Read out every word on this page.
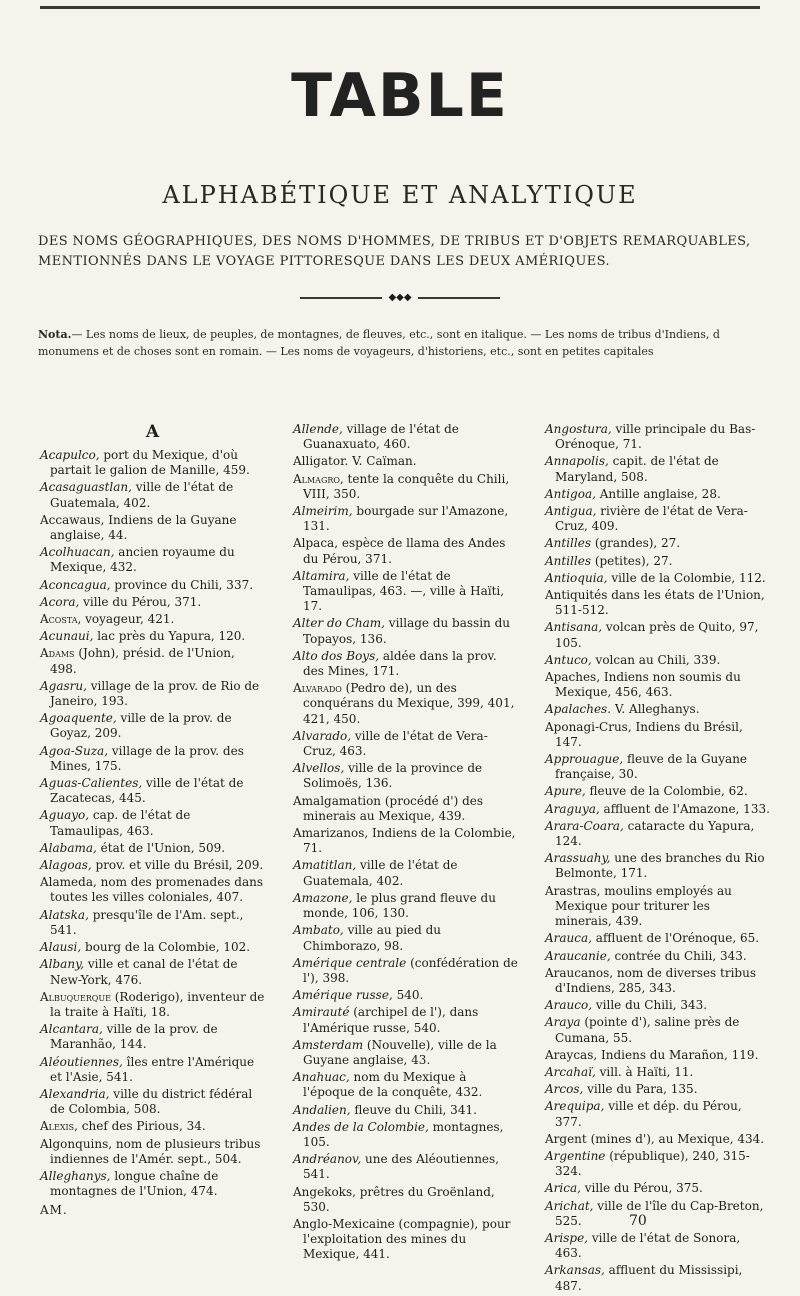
TABLE
ALPHABÉTIQUE ET ANALYTIQUE
DES NOMS GÉOGRAPHIQUES, DES NOMS D'HOMMES, DE TRIBUS ET D'OBJETS REMARQUABLES, MENTIONNÉS DANS LE VOYAGE PITTORESQUE DANS LES DEUX AMÉRIQUES.
◆◆◆
Nota.— Les noms de lieux, de peuples, de montagnes, de fleuves, etc., sont en italique. — Les noms de tribus d'Indiens, d monumens et de choses sont en romain. — Les noms de voyageurs, d'historiens, etc., sont en petites capitales
A

Acapulco, port du Mexique, d'où partait le galion de Manille, 459.

Acasaguastlan, ville de l'état de Guatemala, 402.

Accawaus, Indiens de la Guyane anglaise, 44.

Acolhuacan, ancien royaume du Mexique, 432.

Aconcagua, province du Chili, 337.

Acora, ville du Pérou, 371.

Acosta, voyageur, 421.

Acunaui, lac près du Yapura, 120.

Adams (John), présid. de l'Union, 498.

Agasru, village de la prov. de Rio de Janeiro, 193.

Agoaquente, ville de la prov. de Goyaz, 209.

Agoa-Suza, village de la prov. des Mines, 175.

Aguas-Calientes, ville de l'état de Zacatecas, 445.

Aguayo, cap. de l'état de Tamaulipas, 463.

Alabama, état de l'Union, 509.

Alagoas, prov. et ville du Brésil, 209.

Alameda, nom des promenades dans toutes les villes coloniales, 407.

Alatska, presqu'île de l'Am. sept., 541.

Alausi, bourg de la Colombie, 102.

Albany, ville et canal de l'état de New-York, 476.

Albuquerque (Roderigo), inventeur de la traite à Haïti, 18.

Alcantara, ville de la prov. de Maranhão, 144.

Aléoutiennes, îles entre l'Amérique et l'Asie, 541.

Alexandria, ville du district fédéral de Colombia, 508.

Alexis, chef des Pirious, 34.

Algonquins, nom de plusieurs tribus indiennes de l'Amér. sept., 504.

Alleghanys, longue chaîne de montagnes de l'Union, 474.

AM.

Allende, village de l'état de Guanaxuato, 460.

Alligator. V. Caïman.

Almagro, tente la conquête du Chili, VIII, 350.

Almeirim, bourgade sur l'Amazone, 131.

Alpaca, espèce de llama des Andes du Pérou, 371.

Altamira, ville de l'état de Tamaulipas, 463. —, ville à Haïti, 17.

Alter do Cham, village du bassin du Topayos, 136.

Alto dos Boys, aldée dans la prov. des Mines, 171.

Alvarado (Pedro de), un des conquérans du Mexique, 399, 401, 421, 450.

Alvarado, ville de l'état de Vera-Cruz, 463.

Alvellos, ville de la province de Solimoës, 136.

Amalgamation (procédé d') des minerais au Mexique, 439.

Amarizanos, Indiens de la Colombie, 71.

Amatitlan, ville de l'état de Guatemala, 402.

Amazone, le plus grand fleuve du monde, 106, 130.

Ambato, ville au pied du Chimborazo, 98.

Amérique centrale (confédération de l'), 398.

Amérique russe, 540.

Amirauté (archipel de l'), dans l'Amérique russe, 540.

Amsterdam (Nouvelle), ville de la Guyane anglaise, 43.

Anahuac, nom du Mexique à l'époque de la conquête, 432.

Andalien, fleuve du Chili, 341.

Andes de la Colombie, montagnes, 105.

Andréanov, une des Aléoutiennes, 541.

Angekoks, prêtres du Groënland, 530.

Anglo-Mexicaine (compagnie), pour l'exploitation des mines du Mexique, 441.

Angostura, ville principale du Bas-Orénoque, 71.

Annapolis, capit. de l'état de Maryland, 508.

Antigoa, Antille anglaise, 28.

Antigua, rivière de l'état de Vera-Cruz, 409.

Antilles (grandes), 27.

Antilles (petites), 27.

Antioquia, ville de la Colombie, 112.

Antiquités dans les états de l'Union, 511-512.

Antisana, volcan près de Quito, 97, 105.

Antuco, volcan au Chili, 339.

Apaches, Indiens non soumis du Mexique, 456, 463.

Apalaches. V. Alleghanys.

Aponagi-Crus, Indiens du Brésil, 147.

Approuague, fleuve de la Guyane française, 30.

Apure, fleuve de la Colombie, 62.

Araguya, affluent de l'Amazone, 133.

Arara-Coara, cataracte du Yapura, 124.

Arassuahy, une des branches du Rio Belmonte, 171.

Arastras, moulins employés au Mexique pour triturer les minerais, 439.

Arauca, affluent de l'Orénoque, 65.

Araucanie, contrée du Chili, 343.

Araucanos, nom de diverses tribus d'Indiens, 285, 343.

Arauco, ville du Chili, 343.

Araya (pointe d'), saline près de Cumana, 55.

Araycas, Indiens du Marañon, 119.

Arcahaï, vill. à Haïti, 11.

Arcos, ville du Para, 135.

Arequipa, ville et dép. du Pérou, 377.

Argent (mines d'), au Mexique, 434.

Argentine (république), 240, 315-324.

Arica, ville du Pérou, 375.

Arichat, ville de l'île du Cap-Breton, 525.

Arispe, ville de l'état de Sonora, 463.

Arkansas, affluent du Mississipi, 487.

70
